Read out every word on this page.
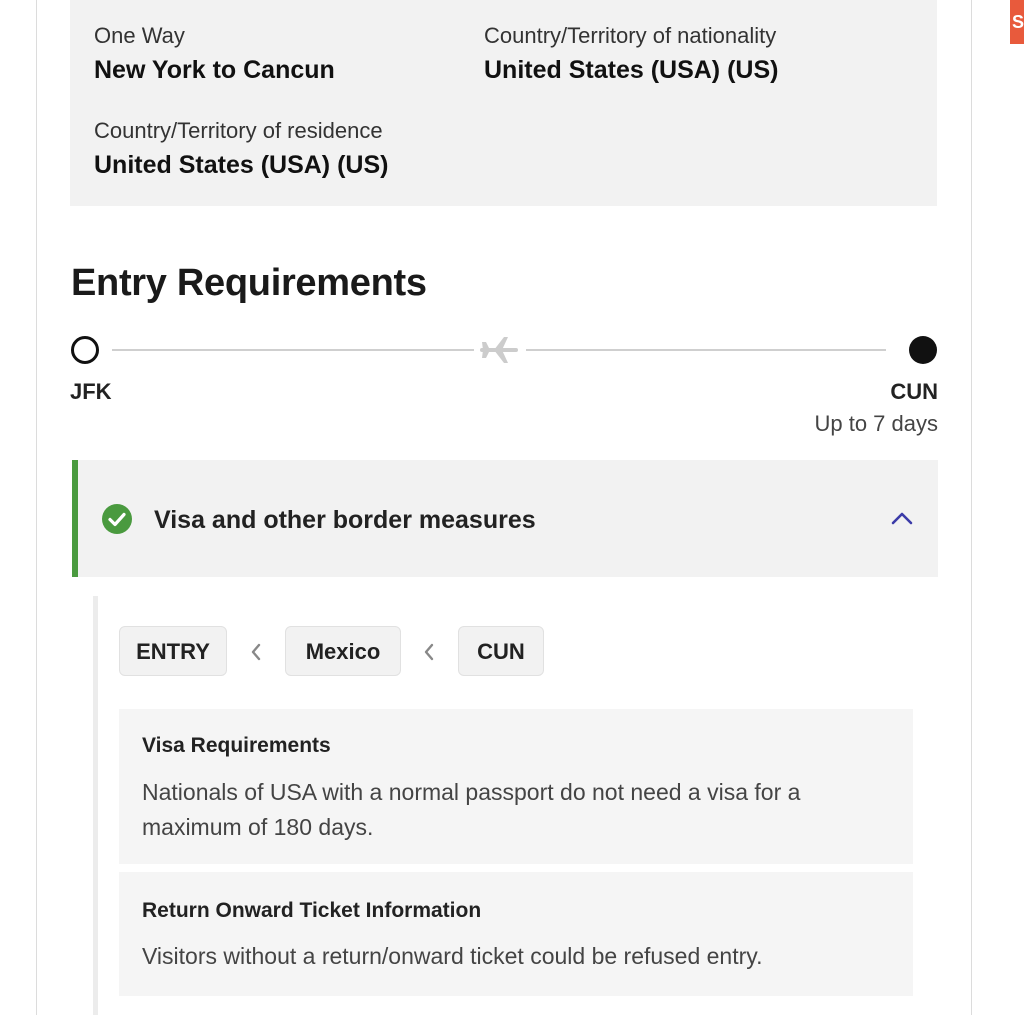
S
One Way
New York to Cancun
Country/Territory of nationality
United States (USA) (US)
Country/Territory of residence
United States (USA) (US)
Entry Requirements
JFK	CUN
Up to 7 days
Visa and other border measures
ENTRY	Mexico	CUN
Visa Requirements
Nationals of USA with a normal passport do not need a visa for a maximum of 180 days.
Return Onward Ticket Information
Visitors without a return/onward ticket could be refused entry.
